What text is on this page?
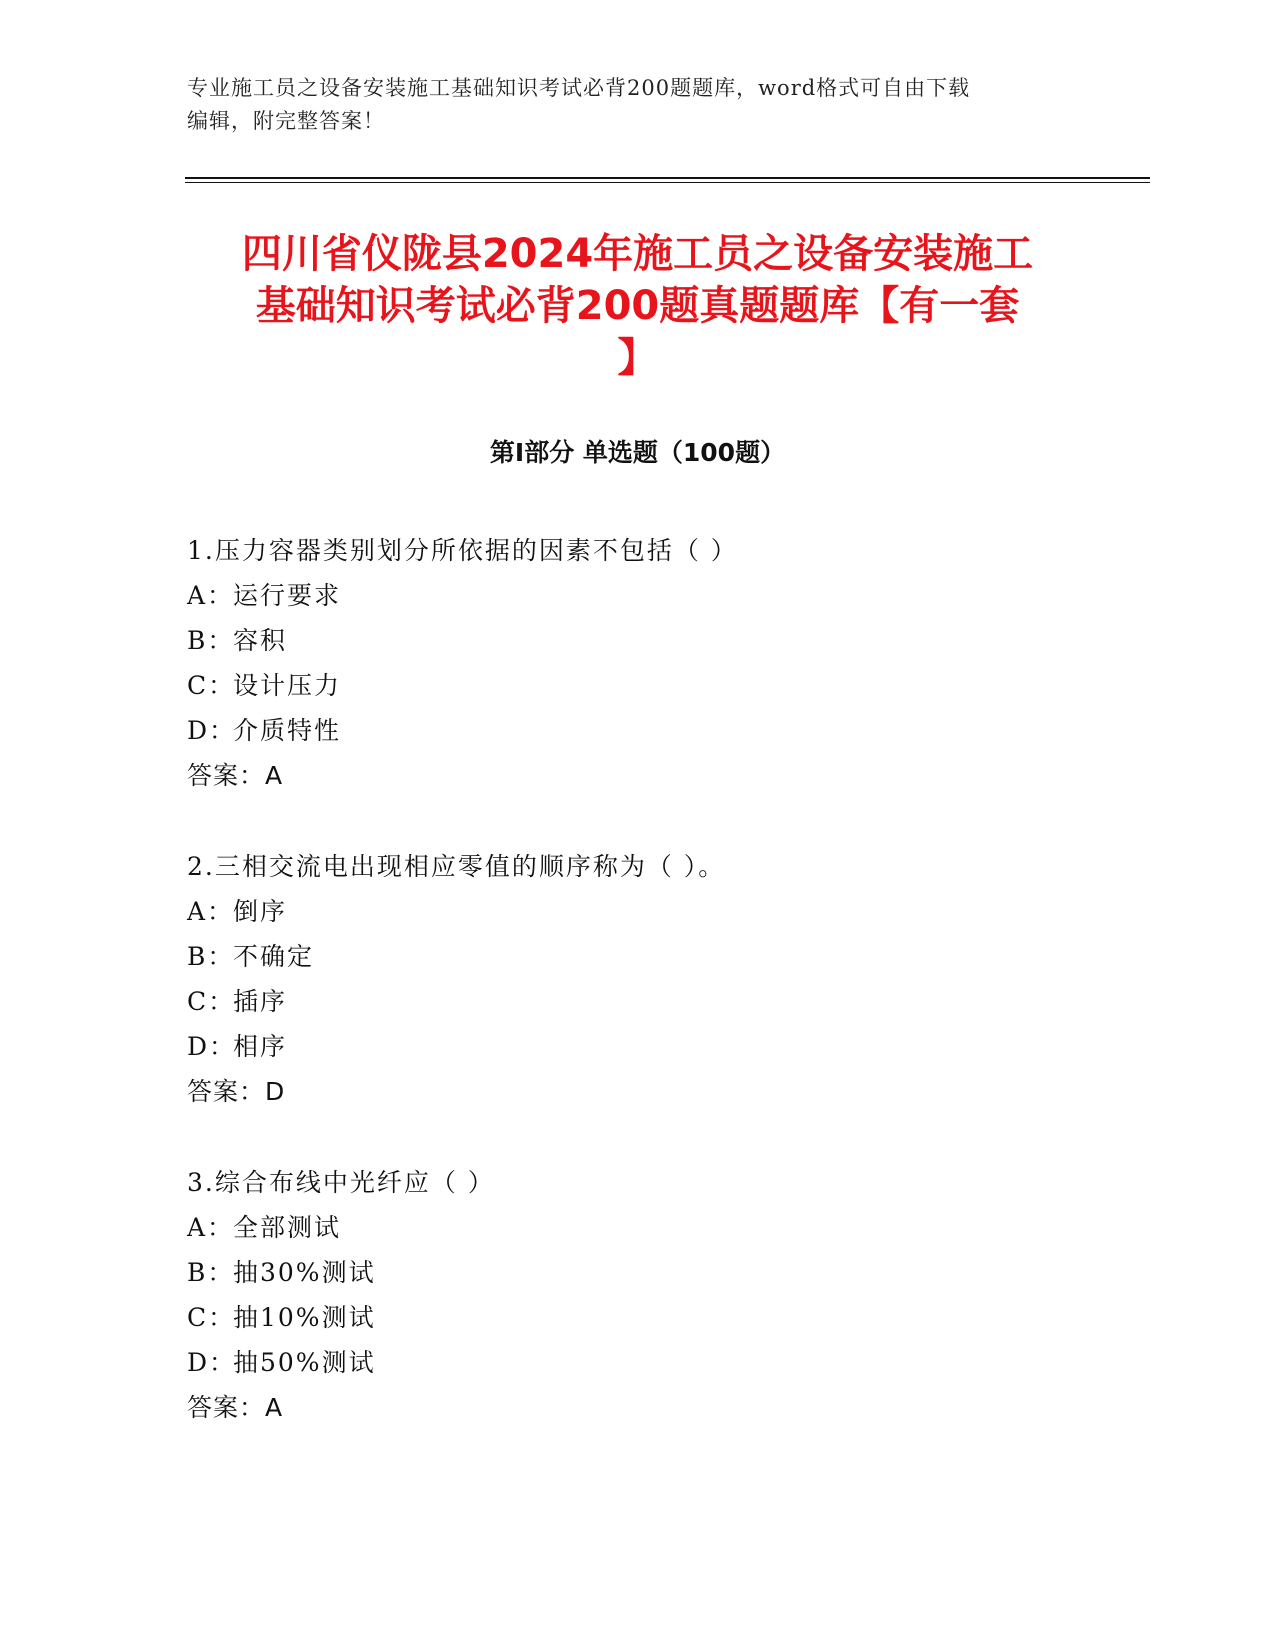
专业施工员之设备安装施工基础知识考试必背200题题库，word格式可自由下载
编辑，附完整答案！
四川省仪陇县2024年施工员之设备安装施工
基础知识考试必背200题真题题库【有一套
】
第Ⅰ部分 单选题（100题）
1.压力容器类别划分所依据的因素不包括（ ）
A：运行要求
B：容积
C：设计压力
D：介质特性
答案：A
2.三相交流电出现相应零值的顺序称为（ ）。
A：倒序
B：不确定
C：插序
D：相序
答案：D
3.综合布线中光纤应（ ）
A：全部测试
B：抽30%测试
C：抽10%测试
D：抽50%测试
答案：A
